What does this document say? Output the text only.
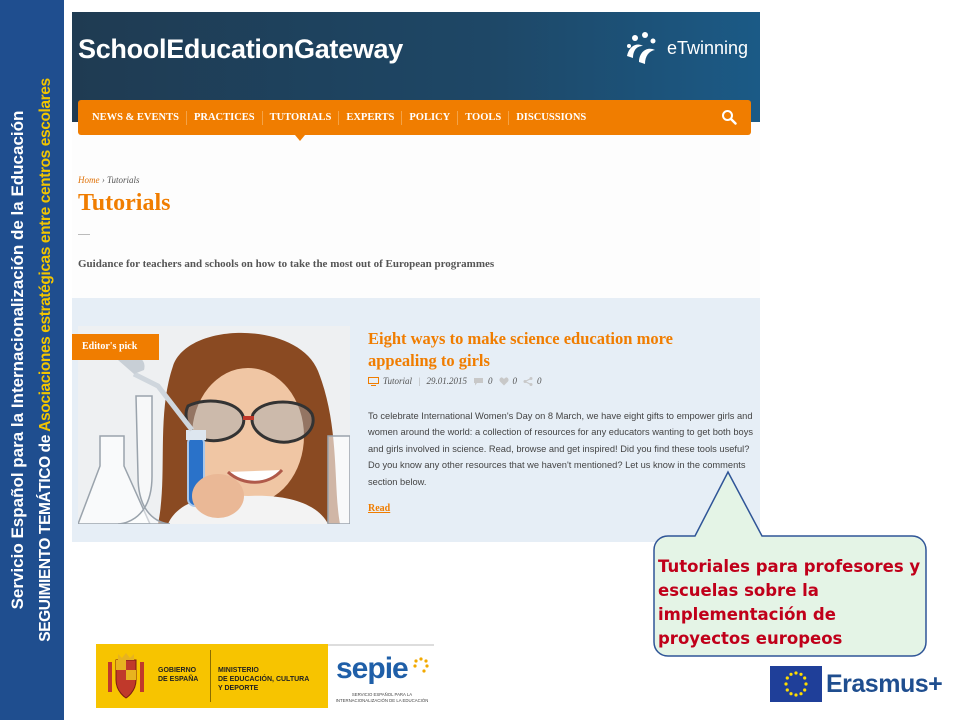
Servicio Español para la Internacionalización de la Educación SEGUIMIENTO TEMÁTICO de Asociaciones estratégicas entre centros escolares
SchoolEducationGateway	eTwinning
NEWS & EVENTS	PRACTICES	TUTORIALS	EXPERTS	POLICY	TOOLS	DISCUSSIONS
Home › Tutorials
Tutorials
Guidance for teachers and schools on how to take the most out of European programmes
Editor's pick	Eight ways to make science education more appealing to girls
Tutorial | 29.01.2015 0 0 0
To celebrate International Women's Day on 8 March, we have eight gifts to empower girls and women around the world: a collection of resources for any educators wanting to get both boys and girls involved in science. Read, browse and get inspired! Did you find these tools useful? Do you know any other resources that we haven't mentioned? Let us know in the comments section below.
Read
Tutoriales para profesores y escuelas sobre la implementación de proyectos europeos
GOBIERNO
DE ESPAÑA
MINISTERIO
DE EDUCACIÓN, CULTURA
Y DEPORTE
sepie
SERVICIO ESPAÑOL PARA LA INTERNACIONALIZACIÓN DE LA EDUCACIÓN
Erasmus+
